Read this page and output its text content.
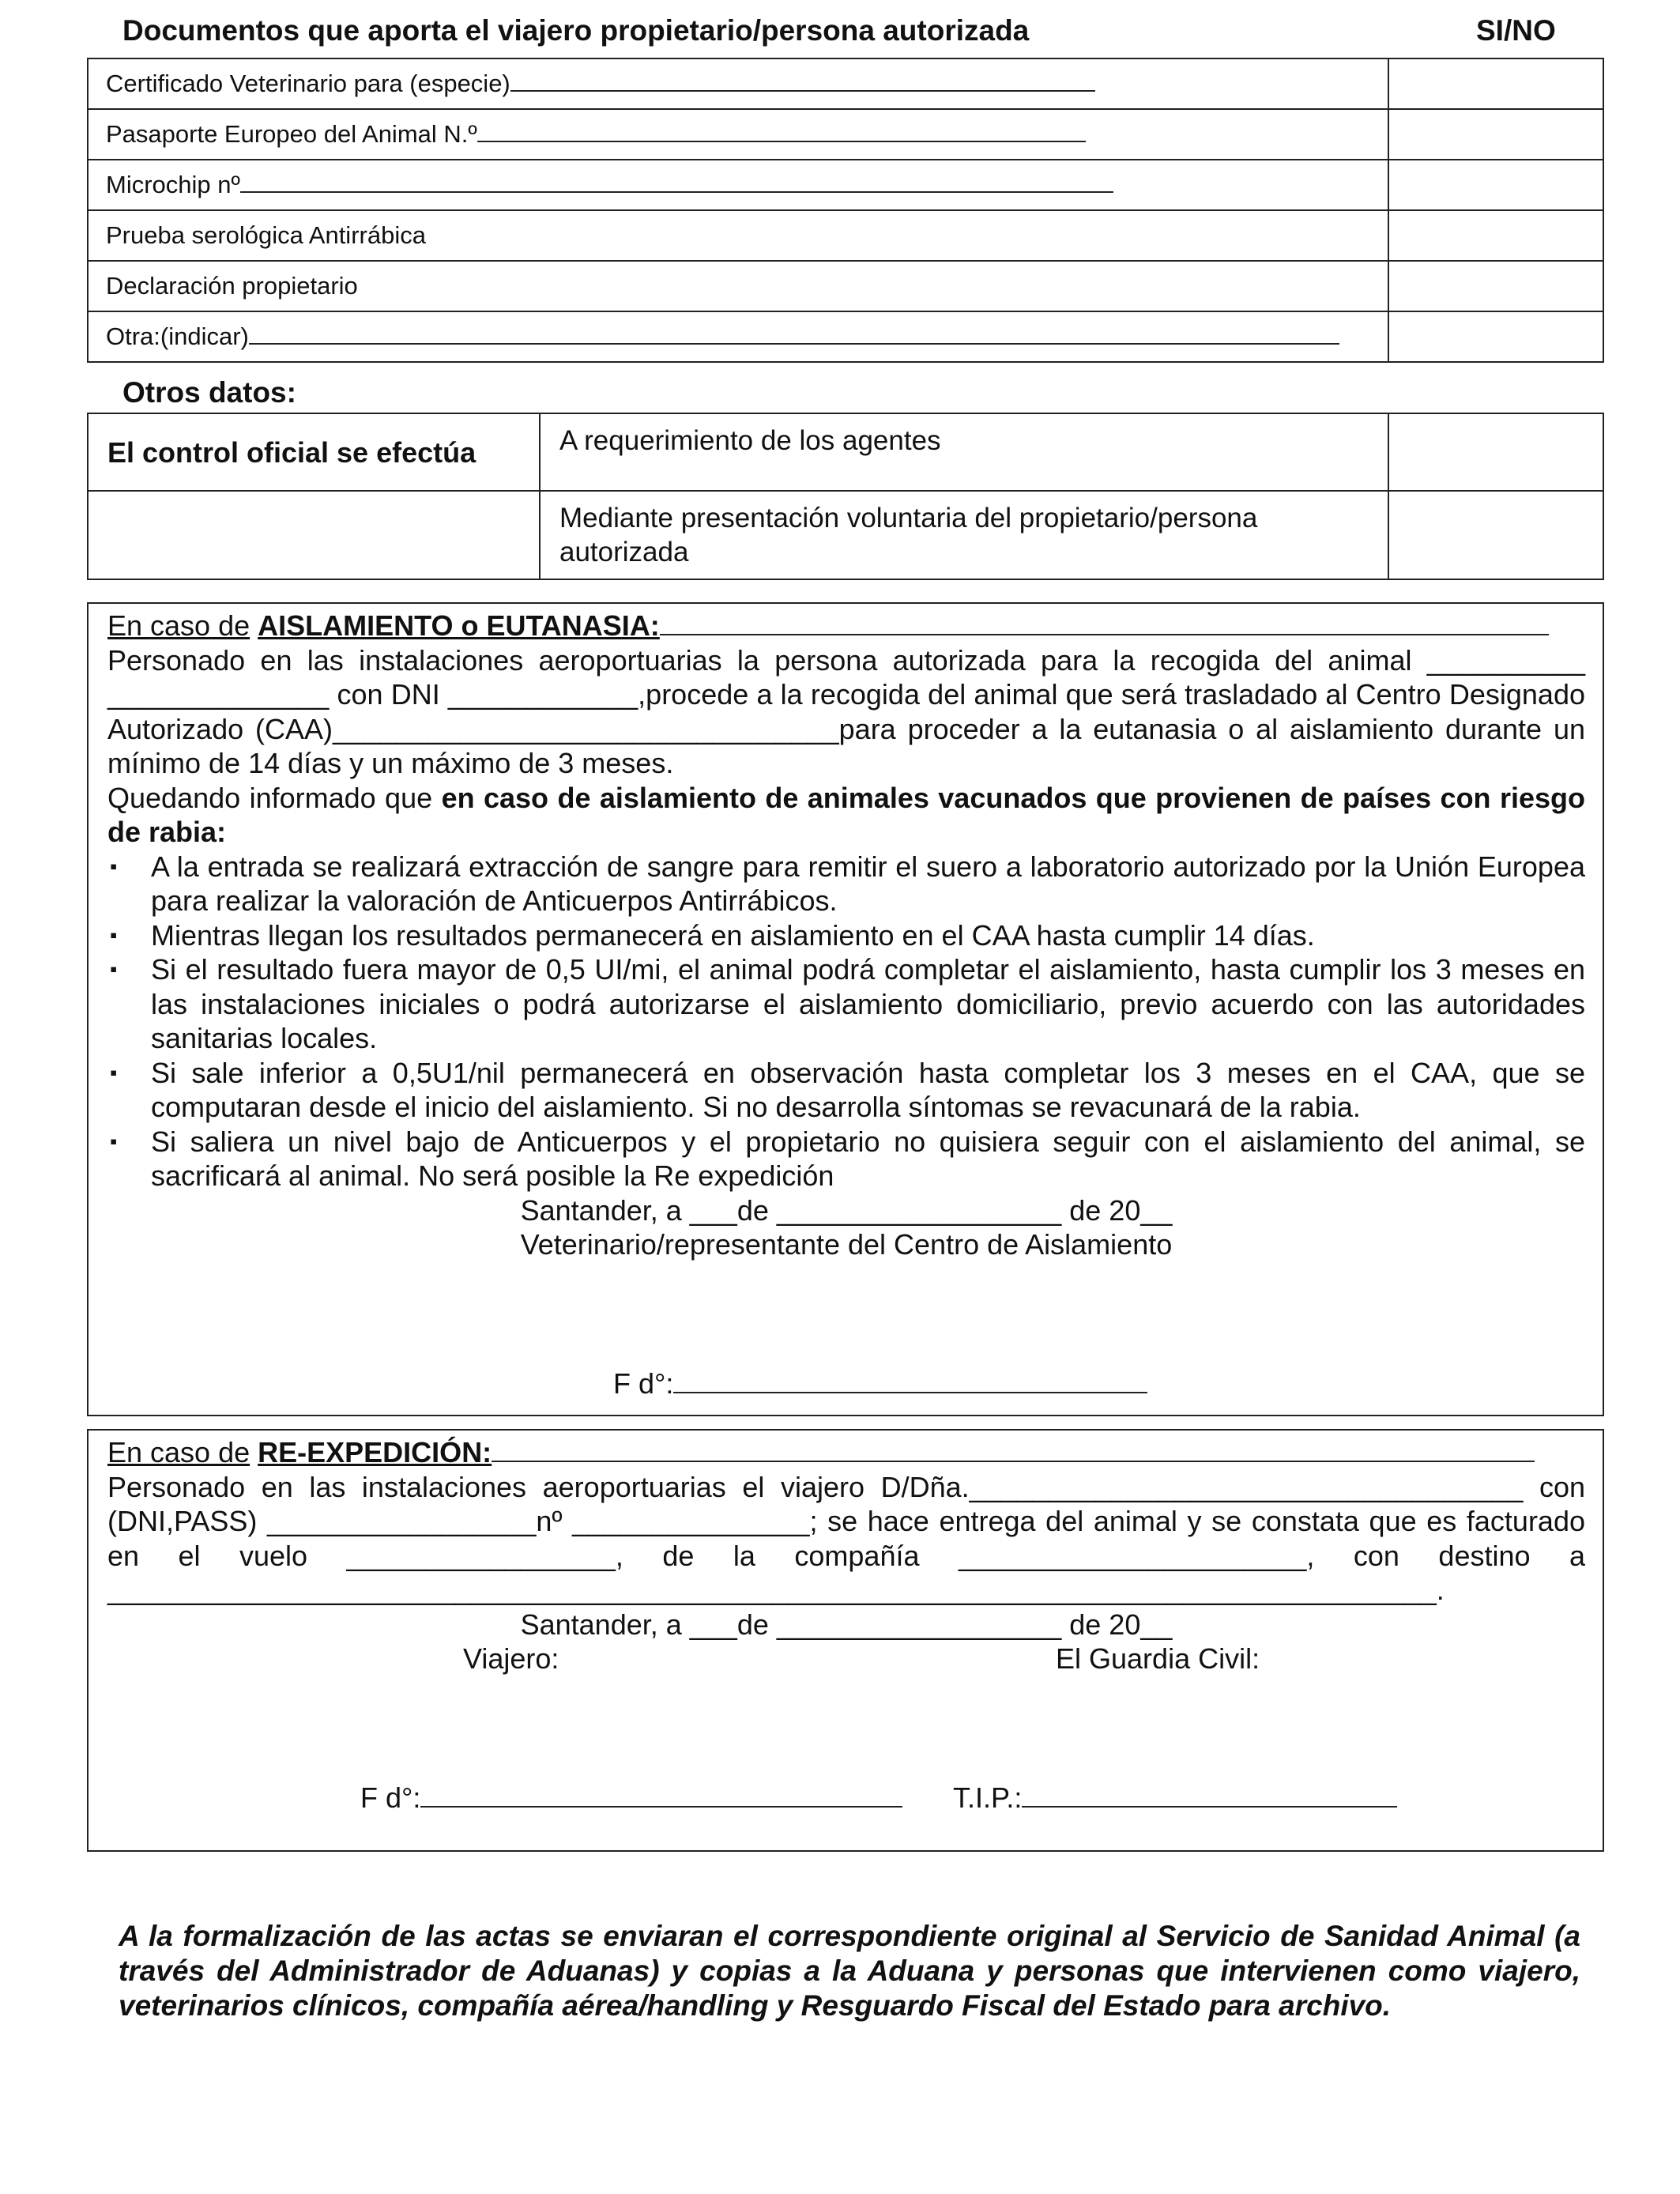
Documentos que aporta el viajero propietario/persona autorizada	SI/NO
Certificado Veterinario para (especie)	
Pasaporte Europeo del Animal N.º	
Microchip nº	
Prueba serológica Antirrábica	
Declaración propietario	
Otra:(indicar)	
Otros datos:
El control oficial se efectúa	A requerimiento de los agentes	

	Mediante presentación voluntaria del propietario/persona autorizada	

En caso de AISLAMIENTO o EUTANASIA:

Personado en las instalaciones aeroportuarias la persona autorizada para la recogida del animal __________ ______________ con DNI ____________,procede a la recogida del animal que será trasladado al Centro Designado Autorizado (CAA)________________________________para proceder a la eutanasia o al aislamiento durante un mínimo de 14 días y un máximo de 3 meses.

Quedando informado que en caso de aislamiento de animales vacunados que provienen de países con riesgo de rabia:

▪ A la entrada se realizará extracción de sangre para remitir el suero a laboratorio autorizado por la Unión Europea para realizar la valoración de Anticuerpos Antirrábicos.
▪ Mientras llegan los resultados permanecerá en aislamiento en el CAA hasta cumplir 14 días.
▪ Si el resultado fuera mayor de 0,5 UI/mi, el animal podrá completar el aislamiento, hasta cumplir los 3 meses en las instalaciones iniciales o podrá autorizarse el aislamiento domiciliario, previo acuerdo con las autoridades sanitarias locales.
▪ Si sale inferior a 0,5U1/nil permanecerá en observación hasta completar los 3 meses en el CAA, que se computaran desde el inicio del aislamiento. Si no desarrolla síntomas se revacunará de la rabia.
▪ Si saliera un nivel bajo de Anticuerpos y el propietario no quisiera seguir con el aislamiento del animal, se sacrificará al animal. No será posible la Re expedición

Santander, a ___de __________________ de 20__

Veterinario/representante del Centro de Aislamiento

F d°:

En caso de RE-EXPEDICIÓN:

Personado en las instalaciones aeroportuarias el viajero D/Dña.___________________________________ con (DNI,PASS) _________________nº _______________; se hace entrega del animal y se constata que es facturado en el vuelo _________________, de la compañía ______________________, con destino a ____________________________________________________________________________________.

Santander, a ___de __________________ de 20__

Viajero:	El Guardia Civil:
F d°:	T.I.P.:
A la formalización de las actas se enviaran el correspondiente original al Servicio de Sanidad Animal (a través del Administrador de Aduanas) y copias a la Aduana y personas que intervienen como viajero, veterinarios clínicos, compañía aérea/handling y Resguardo Fiscal del Estado para archivo.
